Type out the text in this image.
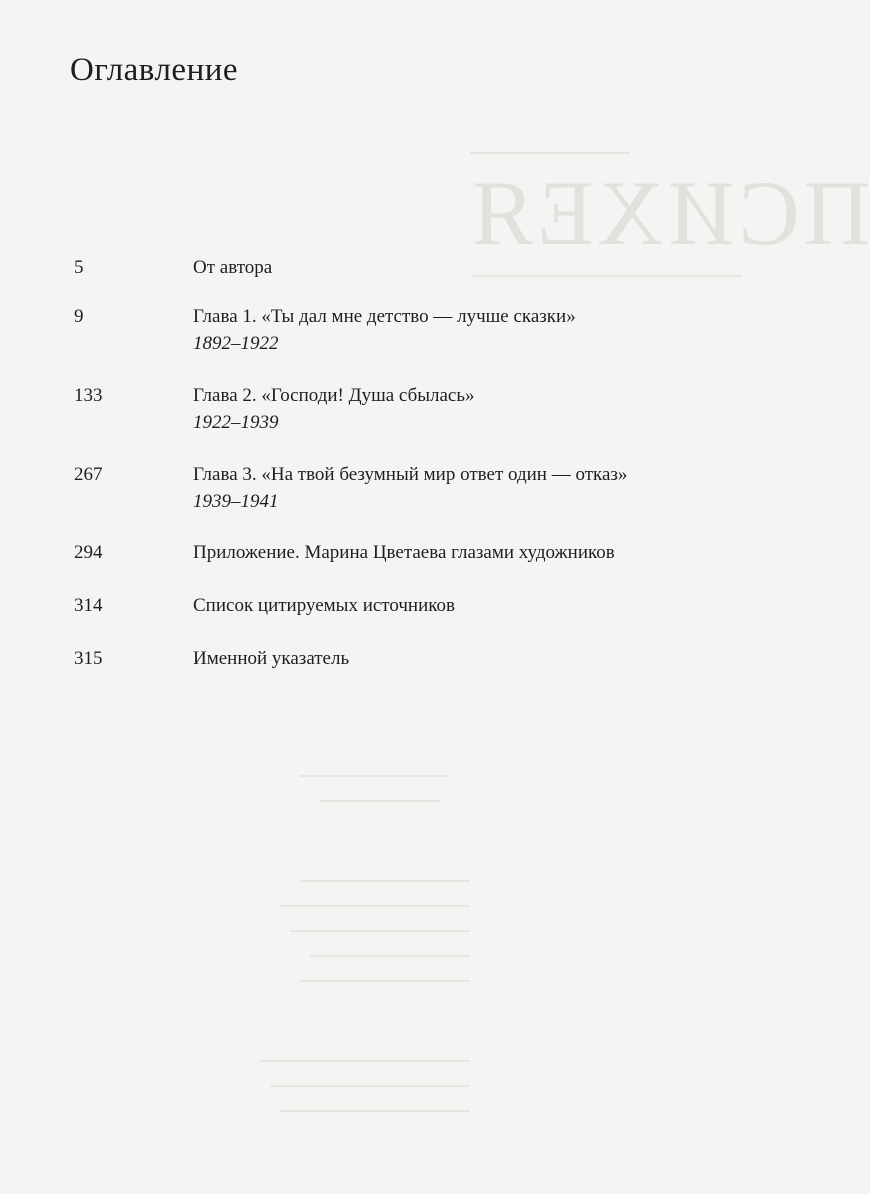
ПСИХЕЯ
Оглавление
5	От автора
9	Глава 1. «Ты дал мне детство — лучше сказки»
1892–1922
133	Глава 2. «Господи! Душа сбылась»
1922–1939
267	Глава 3. «На твой безумный мир ответ один — отказ»
1939–1941
294	Приложение. Марина Цветаева глазами художников
314	Список цитируемых источников
315	Именной указатель
